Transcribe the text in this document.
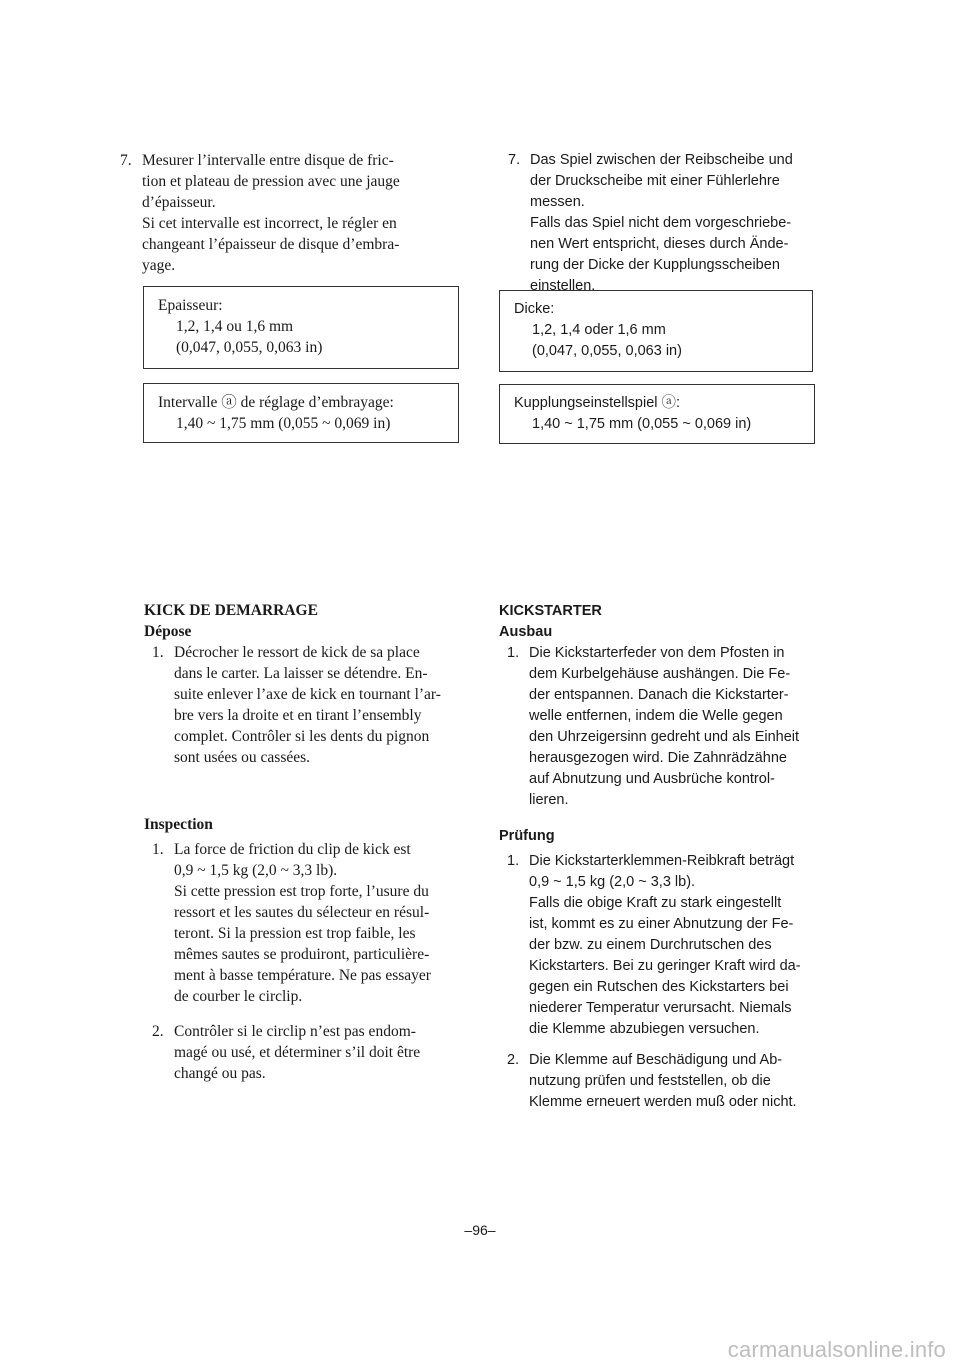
7. Mesurer l’intervalle entre disque de fric-

tion et plateau de pression avec une jauge

d’épaisseur.

Si cet intervalle est incorrect, le régler en

changeant l’épaisseur de disque d’embra-

yage.

Epaisseur:

1,2, 1,4 ou 1,6 mm

(0,047, 0,055, 0,063 in)

Intervalle ⓐ de réglage d’embrayage:

1,40 ~ 1,75 mm (0,055 ~ 0,069 in)

KICK DE DEMARRAGE

Dépose

1. Décrocher le ressort de kick de sa place

dans le carter. La laisser se détendre. En-

suite enlever l’axe de kick en tournant l’ar-

bre vers la droite et en tirant l’ensembly

complet. Contrôler si les dents du pignon

sont usées ou cassées.

Inspection

1. La force de friction du clip de kick est

0,9 ~ 1,5 kg (2,0 ~ 3,3 lb).

Si cette pression est trop forte, l’usure du

ressort et les sautes du sélecteur en résul-

teront. Si la pression est trop faible, les

mêmes sautes se produiront, particulière-

ment à basse température. Ne pas essayer

de courber le circlip.

2. Contrôler si le circlip n’est pas endom-

magé ou usé, et déterminer s’il doit être

changé ou pas.

7. Das Spiel zwischen der Reibscheibe und

der Druckscheibe mit einer Fühlerlehre

messen.

Falls das Spiel nicht dem vorgeschriebe-

nen Wert entspricht, dieses durch Ände-

rung der Dicke der Kupplungsscheiben

einstellen.

Dicke:

1,2, 1,4 oder 1,6 mm

(0,047, 0,055, 0,063 in)

Kupplungseinstellspiel ⓐ:

1,40 ~ 1,75 mm (0,055 ~ 0,069 in)

KICKSTARTER

Ausbau

1. Die Kickstarterfeder von dem Pfosten in

dem Kurbelgehäuse aushängen. Die Fe-

der entspannen. Danach die Kickstarter-

welle entfernen, indem die Welle gegen

den Uhrzeigersinn gedreht und als Einheit

herausgezogen wird. Die Zahnrädzähne

auf Abnutzung und Ausbrüche kontrol-

lieren.

Prüfung

1. Die Kickstarterklemmen-Reibkraft beträgt

0,9 ~ 1,5 kg (2,0 ~ 3,3 lb).

Falls die obige Kraft zu stark eingestellt

ist, kommt es zu einer Abnutzung der Fe-

der bzw. zu einem Durchrutschen des

Kickstarters. Bei zu geringer Kraft wird da-

gegen ein Rutschen des Kickstarters bei

niederer Temperatur verursacht. Niemals

die Klemme abzubiegen versuchen.

2. Die Klemme auf Beschädigung und Ab-

nutzung prüfen und feststellen, ob die

Klemme erneuert werden muß oder nicht.

–96–
carmanualsonline.info
